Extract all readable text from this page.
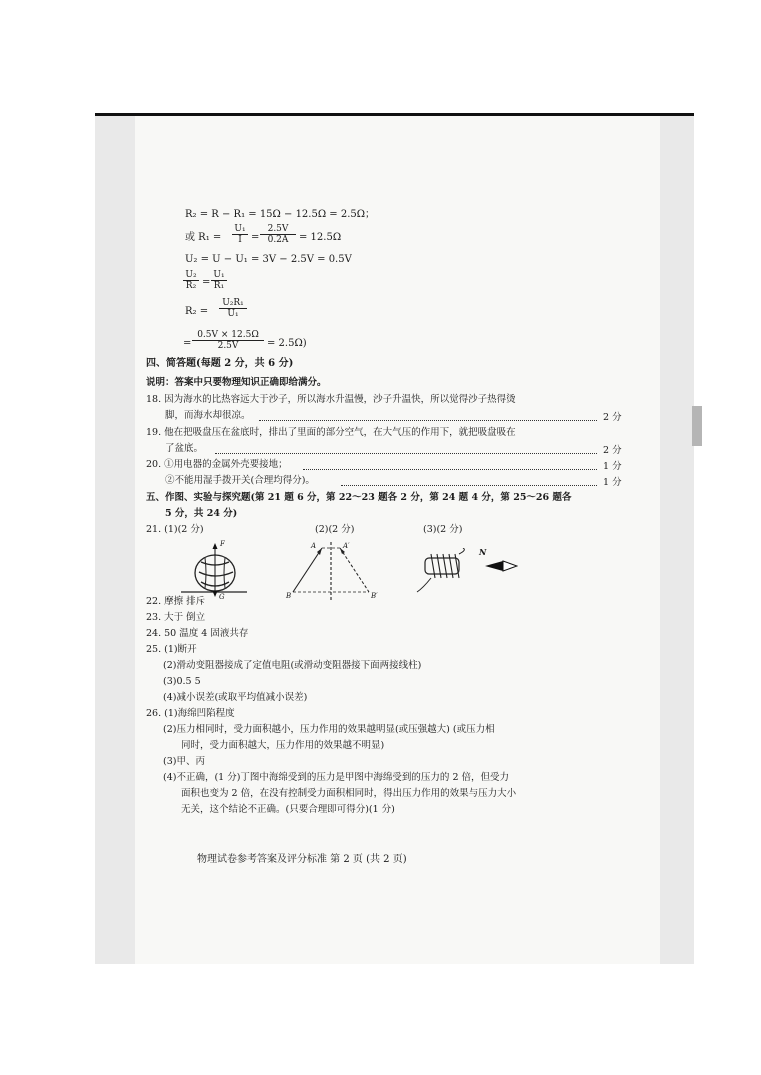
R₂ = R − R₁ = 15Ω − 12.5Ω = 2.5Ω；
或 $R_1 = \frac{\text{U₁}}{I} = \frac{2.5V}{0.2A} = 12.5\Omega$
U₂ = U − U₁ = 3V − 2.5V = 0.5V
$\frac{\text{U₂}}{\text{R₂}} = \frac{\text{U₁}}{\text{R₁}}$
$R_2 = \frac{\text{U₂R₁}}{\text{U₁}}$
= $\frac{0.5V \times 12.5\Omega}{2.5V} = 2.5\Omega$)
四、简答题(每题 2 分，共 6 分)
说明：答案中只要物理知识正确即给满分。
18. 因为海水的比热容远大于沙子，所以海水升温慢，沙子升温快，所以觉得沙子热得烫
脚，而海水却很凉。	2 分
19. 他在把吸盘压在盆底时，排出了里面的部分空气，在大气压的作用下，就把吸盘吸在
了盆底。	2 分
20. ①用电器的金属外壳要接地；	1 分
②不能用湿手拨开关(合理均得分)。	1 分
五、作图、实验与探究题(第 21 题 6 分，第 22～23 题各 2 分，第 24 题 4 分，第 25～26 题各
5 分，共 24 分)
21. (1)(2 分)	(2)(2 分)	(3)(2 分)
F
G
A	A′
B	B′
N
22. 摩擦 排斥
23. 大于 倒立
24. 50 温度 4 固液共存
25. (1)断开
(2)滑动变阻器接成了定值电阻(或滑动变阻器接下面两接线柱)
(3)0.5 5
(4)减小误差(或取平均值减小误差)
26. (1)海绵凹陷程度
(2)压力相同时，受力面积越小，压力作用的效果越明显(或压强越大) (或压力相
同时，受力面积越大，压力作用的效果越不明显)
(3)甲、丙
(4)不正确，(1 分)丁图中海绵受到的压力是甲图中海绵受到的压力的 2 倍，但受力
面积也变为 2 倍，在没有控制受力面积相同时，得出压力作用的效果与压力大小
无关，这个结论不正确。(只要合理即可得分)(1 分)
物理试卷参考答案及评分标准 第 2 页 (共 2 页)
